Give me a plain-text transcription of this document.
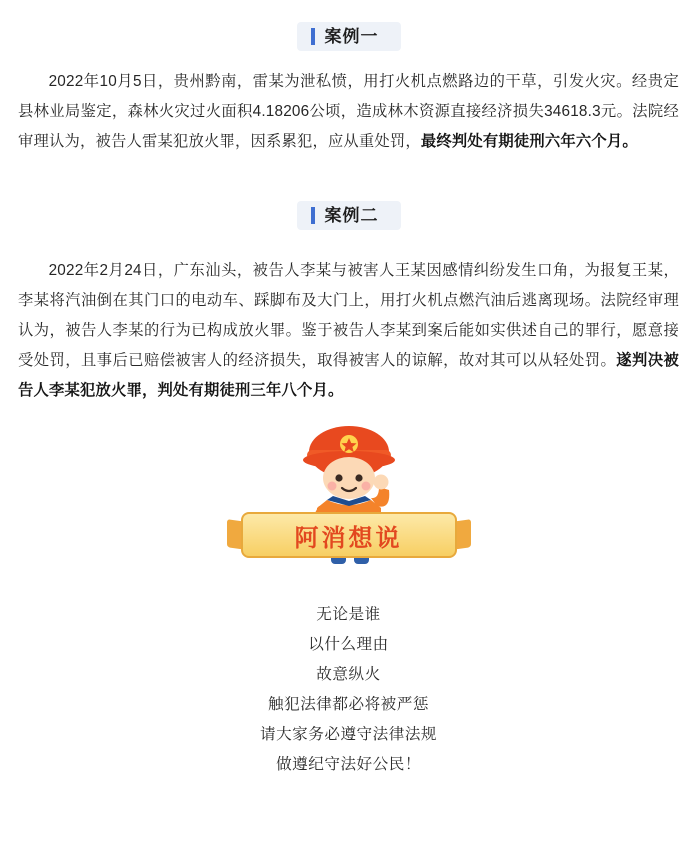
案例一

2022年10月5日，贵州黔南，雷某为泄私愤，用打火机点燃路边的干草，引发火灾。经贵定县林业局鉴定，森林火灾过火面积4.18206公顷，造成林木资源直接经济损失34618.3元。法院经审理认为，被告人雷某犯放火罪，因系累犯，应从重处罚，最终判处有期徒刑六年六个月。

案例二

2022年2月24日，广东汕头，被告人李某与被害人王某因感情纠纷发生口角，为报复王某，李某将汽油倒在其门口的电动车、踩脚布及大门上，用打火机点燃汽油后逃离现场。法院经审理认为，被告人李某的行为已构成放火罪。鉴于被告人李某到案后能如实供述自己的罪行，愿意接受处罚，且事后已赔偿被害人的经济损失，取得被害人的谅解，故对其可以从轻处罚。遂判决被告人李某犯放火罪，判处有期徒刑三年八个月。

阿消想说
无论是谁
以什么理由
故意纵火
触犯法律都必将被严惩
请大家务必遵守法律法规
做遵纪守法好公民！
